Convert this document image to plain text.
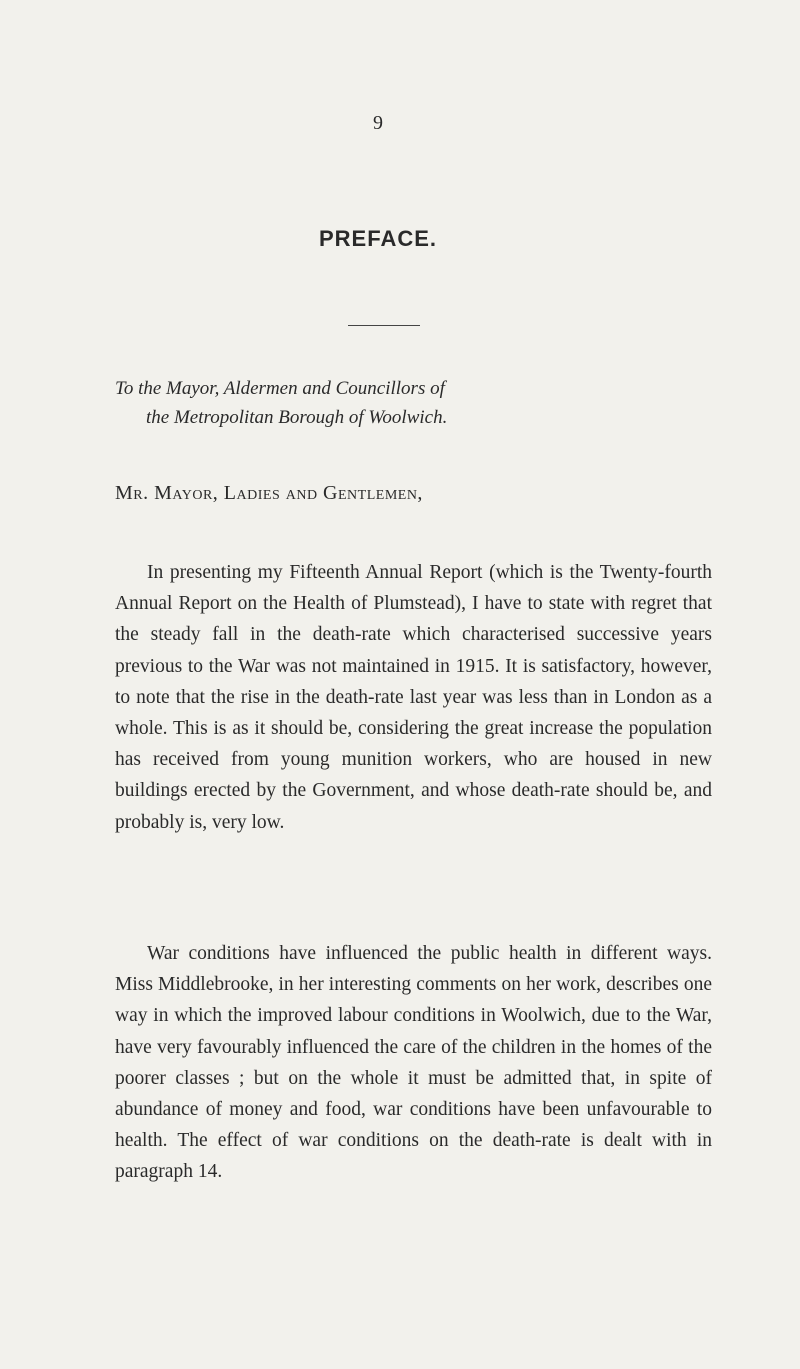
9
PREFACE.
To the Mayor, Aldermen and Councillors of
the Metropolitan Borough of Woolwich.
Mr. Mayor, Ladies and Gentlemen,

In presenting my Fifteenth Annual Report (which is the Twenty-fourth Annual Report on the Health of Plumstead), I have to state with regret that the steady fall in the death-rate which characterised successive years previous to the War was not maintained in 1915. It is satisfactory, however, to note that the rise in the death-rate last year was less than in London as a whole. This is as it should be, considering the great increase the population has received from young munition workers, who are housed in new buildings erected by the Government, and whose death-rate should be, and probably is, very low.

War conditions have influenced the public health in different ways. Miss Middlebrooke, in her interesting comments on her work, describes one way in which the improved labour conditions in Woolwich, due to the War, have very favourably influenced the care of the children in the homes of the poorer classes ; but on the whole it must be admitted that, in spite of abundance of money and food, war conditions have been unfavourable to health. The effect of war conditions on the death-rate is dealt with in paragraph 14.
